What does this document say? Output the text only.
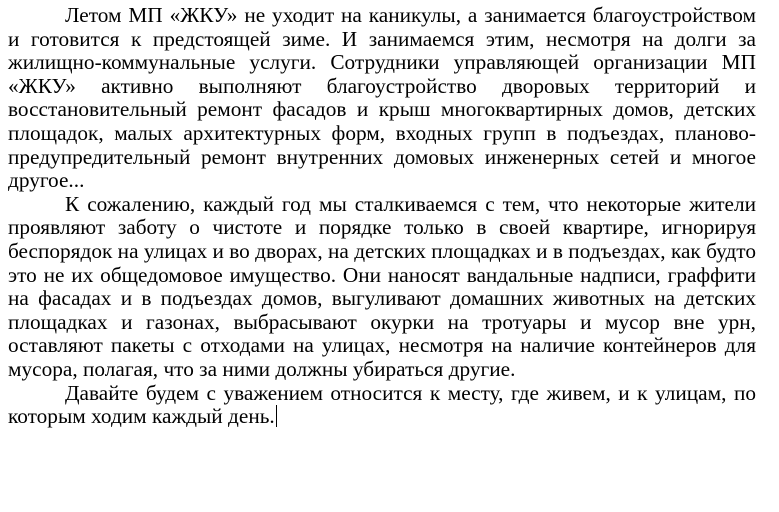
Летом МП «ЖКУ» не уходит на каникулы, а занимается благоустройством и готовится к предстоящей зиме. И занимаемся этим, несмотря на долги за жилищно-коммунальные услуги. Сотрудники управляющей организации МП «ЖКУ» активно выполняют благоустройство дворовых территорий и восстановительный ремонт фасадов и крыш многоквартирных домов, детских площадок, малых архитектурных форм, входных групп в подъездах, планово-предупредительный ремонт внутренних домовых инженерных сетей и многое другое...

К сожалению, каждый год мы сталкиваемся с тем, что некоторые жители проявляют заботу о чистоте и порядке только в своей квартире, игнорируя беспорядок на улицах и во дворах, на детских площадках и в подъездах, как будто это не их общедомовое имущество. Они наносят вандальные надписи, граффити на фасадах и в подъездах домов, выгуливают домашних животных на детских площадках и газонах, выбрасывают окурки на тротуары и мусор вне урн, оставляют пакеты с отходами на улицах, несмотря на наличие контейнеров для мусора, полагая, что за ними должны убираться другие.

Давайте будем с уважением относится к месту, где живем, и к улицам, по которым ходим каждый день.
